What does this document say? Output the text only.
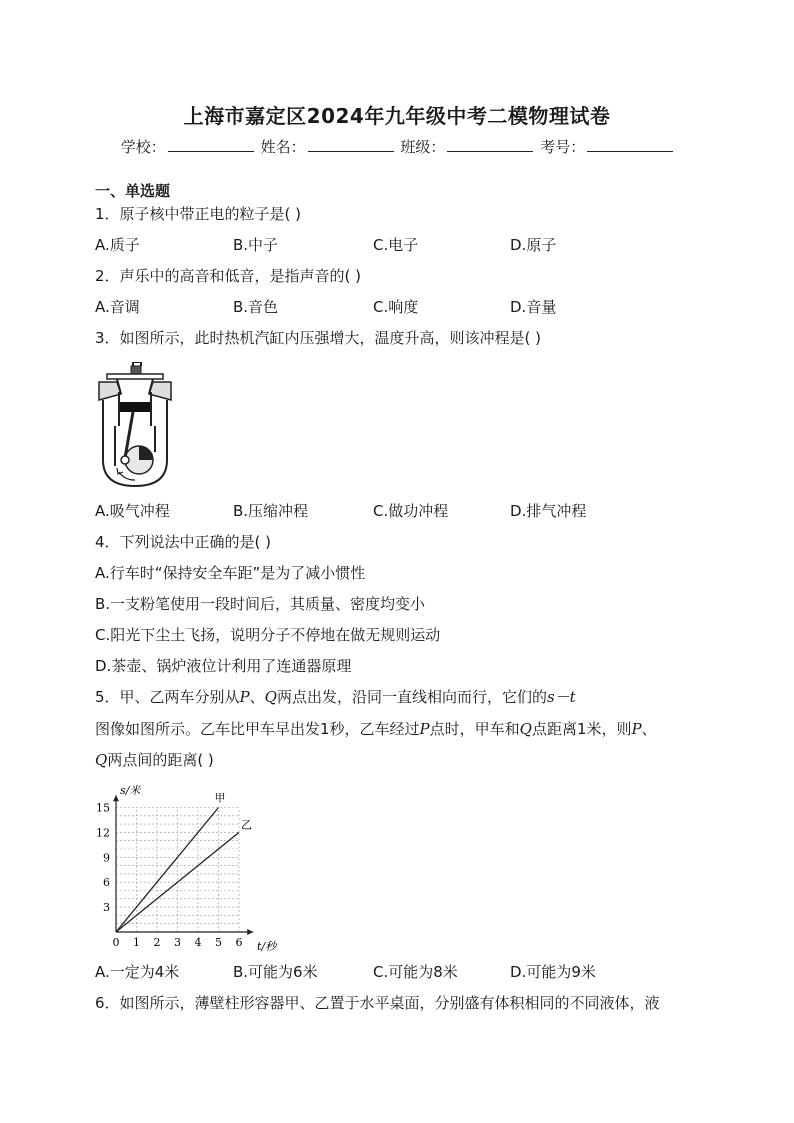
上海市嘉定区2024年九年级中考二模物理试卷
学校：	姓名：	班级：	考号：
一、单选题
1．原子核中带正电的粒子是( )
A.质子	B.中子	C.电子	D.原子
2．声乐中的高音和低音，是指声音的( )
A.音调	B.音色	C.响度	D.音量
3．如图所示，此时热机汽缸内压强增大，温度升高，则该冲程是( )
A.吸气冲程	B.压缩冲程	C.做功冲程	D.排气冲程
4．下列说法中正确的是( )
A.行车时“保持安全车距”是为了减小惯性
B.一支粉笔使用一段时间后，其质量、密度均变小
C.阳光下尘土飞扬，说明分子不停地在做无规则运动
D.茶壶、锅炉液位计利用了连通器原理
5．甲、乙两车分别从P、Q两点出发，沿同一直线相向而行，它们的s－t
图像如图所示。乙车比甲车早出发1秒，乙车经过P点时，甲车和Q点距离1米，则P、
Q两点间的距离( )
0 1 2 3 4 5 6
3
6
9
12
15
s/米
t/秒
甲
乙
A.一定为4米	B.可能为6米	C.可能为8米	D.可能为9米
6．如图所示，薄壁柱形容器甲、乙置于水平桌面，分别盛有体积相同的不同液体，液
